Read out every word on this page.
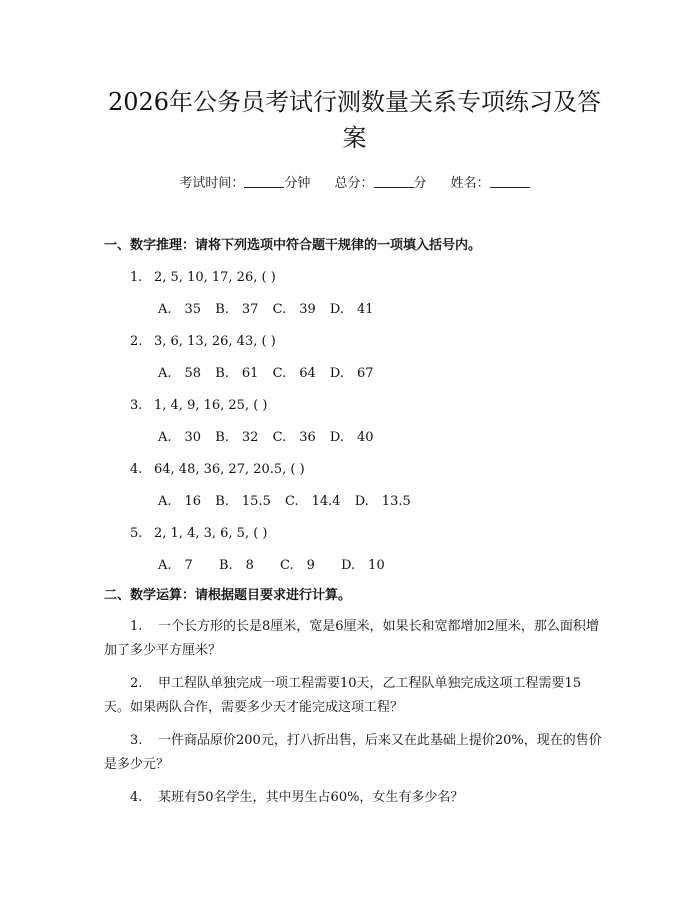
2026年公务员考试行测数量关系专项练习及答案
考试时间：	分钟 总分：	分 姓名：

一、数字推理：请将下列选项中符合题干规律的一项填入括号内。

1. 2, 5, 10, 17, 26, ( )
A.　35 B.　37 C.　39 D.　41
2. 3, 6, 13, 26, 43, ( )
A.　58 B.　61 C.　64 D.　67
3. 1, 4, 9, 16, 25, ( )
A.　30 B.　32 C.　36 D.　40
4. 64, 48, 36, 27, 20.5, ( )
A.　16 B.　15.5 C.　14.4 D.　13.5
5. 2, 1, 4, 3, 6, 5, ( )
A.　7 B.　8 C.　9 D.　10

二、数学运算：请根据题目要求进行计算。

1. 一个长方形的长是8厘米，宽是6厘米，如果长和宽都增加2厘米，那么面积增加了多少平方厘米？

2. 甲工程队单独完成一项工程需要10天，乙工程队单独完成这项工程需要15天。如果两队合作，需要多少天才能完成这项工程？

3. 一件商品原价200元，打八折出售，后来又在此基础上提价20%，现在的售价是多少元？

4. 某班有50名学生，其中男生占60%，女生有多少名？
